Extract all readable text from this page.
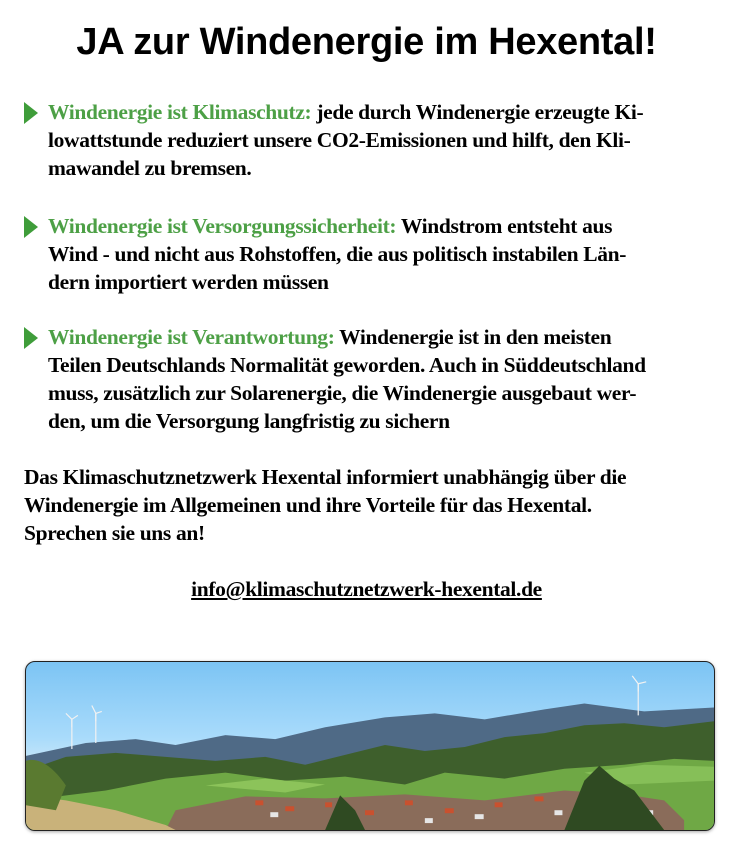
JA zur Windenergie im Hexental!
Windenergie ist Klimaschutz: jede durch Windenergie erzeugte Ki-
lowattstunde reduziert unsere CO2-Emissionen und hilft, den Kli-
mawandel zu bremsen.
Windenergie ist Versorgungssicherheit: Windstrom entsteht aus
Wind - und nicht aus Rohstoffen, die aus politisch instabilen Län-
dern importiert werden müssen
Windenergie ist Verantwortung: Windenergie ist in den meisten
Teilen Deutschlands Normalität geworden. Auch in Süddeutschland
muss, zusätzlich zur Solarenergie, die Windenergie ausgebaut wer-
den, um die Versorgung langfristig zu sichern
Das Klimaschutznetzwerk Hexental informiert unabhängig über die
Windenergie im Allgemeinen und ihre Vorteile für das Hexental.
Sprechen sie uns an!
info@klimaschutznetzwerk-hexental.de
